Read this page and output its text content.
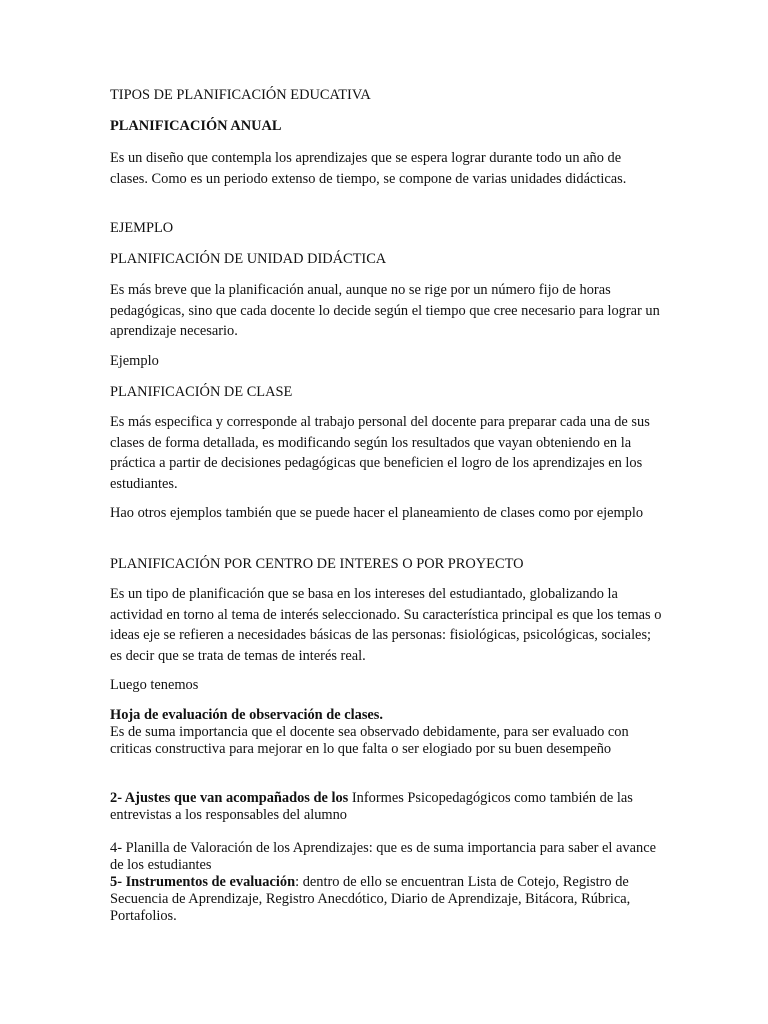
TIPOS DE PLANIFICACIÓN EDUCATIVA

PLANIFICACIÓN ANUAL

Es un diseño que contempla los aprendizajes que se espera lograr durante todo un año de clases. Como es un periodo extenso de tiempo, se compone de varias unidades didácticas.

EJEMPLO

PLANIFICACIÓN DE UNIDAD DIDÁCTICA

Es más breve que la planificación anual, aunque no se rige por un número fijo de horas pedagógicas, sino que cada docente lo decide según el tiempo que cree necesario para lograr un aprendizaje necesario.

Ejemplo

PLANIFICACIÓN DE CLASE

Es más especifica y corresponde al trabajo personal del docente para preparar cada una de sus clases de forma detallada, es modificando según los resultados que vayan obteniendo en la práctica a partir de decisiones pedagógicas que beneficien el logro de los aprendizajes en los estudiantes.

Hao otros ejemplos también que se puede hacer el planeamiento de clases como por ejemplo

PLANIFICACIÓN POR CENTRO DE INTERES O POR PROYECTO

Es un tipo de planificación que se basa en los intereses del estudiantado, globalizando la actividad en torno al tema de interés seleccionado. Su característica principal es que los temas o ideas eje se refieren a necesidades básicas de las personas: fisiológicas, psicológicas, sociales; es decir que se trata de temas de interés real.

Luego tenemos

Hoja de evaluación de observación de clases.
Es de suma importancia que el docente sea observado debidamente, para ser evaluado con criticas constructiva para mejorar en lo que falta o ser elogiado por su buen desempeño

2- Ajustes que van acompañados de los Informes Psicopedagógicos como también de las entrevistas a los responsables del alumno

4- Planilla de Valoración de los Aprendizajes: que es de suma importancia para saber el avance de los estudiantes

5- Instrumentos de evaluación: dentro de ello se encuentran Lista de Cotejo, Registro de Secuencia de Aprendizaje, Registro Anecdótico, Diario de Aprendizaje, Bitácora, Rúbrica, Portafolios.
